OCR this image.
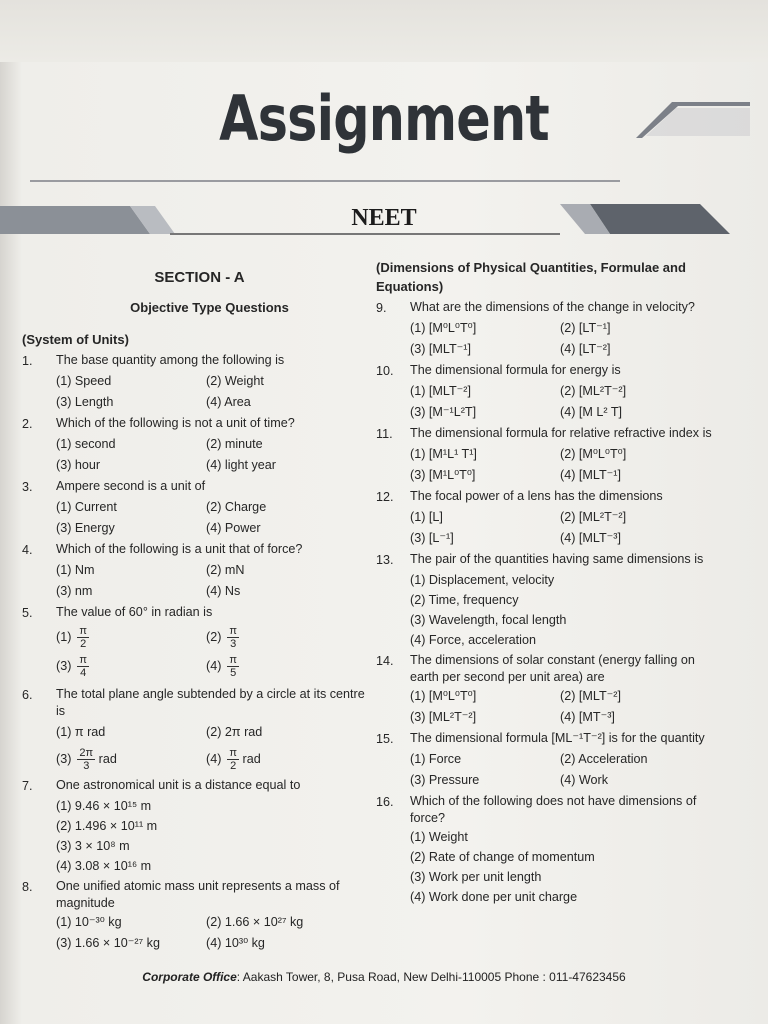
Assignment
NEET
SECTION - A
Objective Type Questions
(System of Units)
1.	The base quantity among the following is
(1) Speed	(2) Weight
(3) Length	(4) Area
2.	Which of the following is not a unit of time?
(1) second	(2) minute
(3) hour	(4) light year
3.	Ampere second is a unit of
(1) Current	(2) Charge
(3) Energy	(4) Power
4.	Which of the following is a unit that of force?
(1) Nm	(2) mN
(3) nm	(4) Ns
5.	The value of 60° in radian is
$(1) \frac{\pi}{2}$	$(2) \frac{\pi}{3}$
$(3) \frac{\pi}{4}$	$(4) \frac{\pi}{5}$
6.	The total plane angle subtended by a circle at its centre is
(1) π rad	(2) 2π rad
$(3) \frac{2\pi}{3}$ rad	$(4) \frac{\pi}{2}$ rad
7.	One astronomical unit is a distance equal to
(1) 9.46 × 10¹⁵ m
(2) 1.496 × 10¹¹ m
(3) 3 × 10⁸ m
(4) 3.08 × 10¹⁶ m
8.	One unified atomic mass unit represents a mass of magnitude
(1) 10⁻³⁰ kg	(2) 1.66 × 10²⁷ kg
(3) 1.66 × 10⁻²⁷ kg	(4) 10³⁰ kg
(Dimensions of Physical Quantities, Formulae and Equations)
9.	What are the dimensions of the change in velocity?
(1) [M⁰L⁰T⁰]	(2) [LT⁻¹]
(3) [MLT⁻¹]	(4) [LT⁻²]
10.	The dimensional formula for energy is
(1) [MLT⁻²]	(2) [ML²T⁻²]
(3) [M⁻¹L²T]	(4) [M L² T]
11.	The dimensional formula for relative refractive index is
(1) [M¹L¹ T¹]	(2) [M⁰L⁰T⁰]
(3) [M¹L⁰T⁰]	(4) [MLT⁻¹]
12.	The focal power of a lens has the dimensions
(1) [L]	(2) [ML²T⁻²]
(3) [L⁻¹]	(4) [MLT⁻³]
13.	The pair of the quantities having same dimensions is
(1) Displacement, velocity
(2) Time, frequency
(3) Wavelength, focal length
(4) Force, acceleration
14.	The dimensions of solar constant (energy falling on earth per second per unit area) are
(1) [M⁰L⁰T⁰]	(2) [MLT⁻²]
(3) [ML²T⁻²]	(4) [MT⁻³]
15.	The dimensional formula [ML⁻¹T⁻²] is for the quantity
(1) Force	(2) Acceleration
(3) Pressure	(4) Work
16.	Which of the following does not have dimensions of force?
(1) Weight
(2) Rate of change of momentum
(3) Work per unit length
(4) Work done per unit charge
Corporate Office: Aakash Tower, 8, Pusa Road, New Delhi-110005 Phone : 011-47623456
